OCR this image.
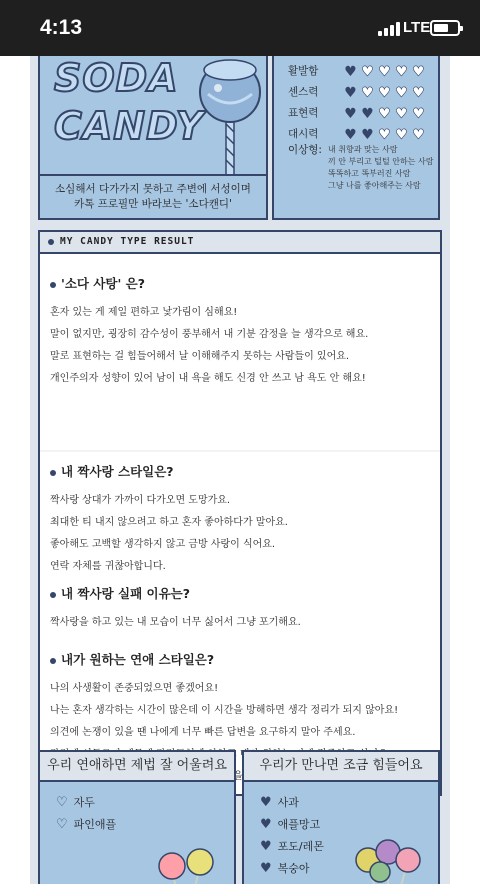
4:13	LTE
SODA
CANDY
소심해서 다가가지 못하고 주변에 서성이며
카톡 프로필만 바라보는 '소다캔디'
활발함 ♥ ♥ ♥ ♥ ♥
센스력 ♥ ♥ ♥ ♥ ♥
표현력 ♥ ♥ ♥ ♥ ♥
대시력 ♥ ♥ ♥ ♥ ♥
이상형: 내 취향과 맞는 사람
끼 안 부리고 털털 안하는 사람
똑똑하고 똑부러진 사람
그냥 나를 좋아해주는 사람
MY CANDY TYPE RESULT
'소다 사탕' 은?
혼자 있는 게 제일 편하고 낯가림이 심해요!
말이 없지만, 굉장히 감수성이 풍부해서 내 기분 감정을 늘 생각으로 해요.
말로 표현하는 걸 힘들어해서 날 이해해주지 못하는 사람들이 있어요.
개인주의자 성향이 있어 남이 내 욕을 해도 신경 안 쓰고 남 욕도 안 해요!
내 짝사랑 스타일은?
짝사랑 상대가 가까이 다가오면 도망가요.
최대한 티 내지 않으려고 하고 혼자 좋아하다가 말아요.
좋아해도 고백할 생각하지 않고 금방 사랑이 식어요.
연락 자체를 귀찮아합니다.
내 짝사랑 실패 이유는?
짝사랑을 하고 있는 내 모습이 너무 싫어서 그냥 포기해요.
내가 원하는 연애 스타일은?
나의 사생활이 존중되었으면 좋겠어요!
나는 혼자 생각하는 시간이 많은데 이 시간을 방해하면 생각 정리가 되지 않아요!
의견에 논쟁이 있을 땐 나에게 너무 빠른 답변을 요구하지 말아 주세요.
우리 연애하면 제법 잘 어울려요
♡ 자두
♡ 파인애플
우리가 만나면 조금 힘들어요
♥ 사과
♥ 애플망고
♥ 포도/레몬
♥ 복숭아
